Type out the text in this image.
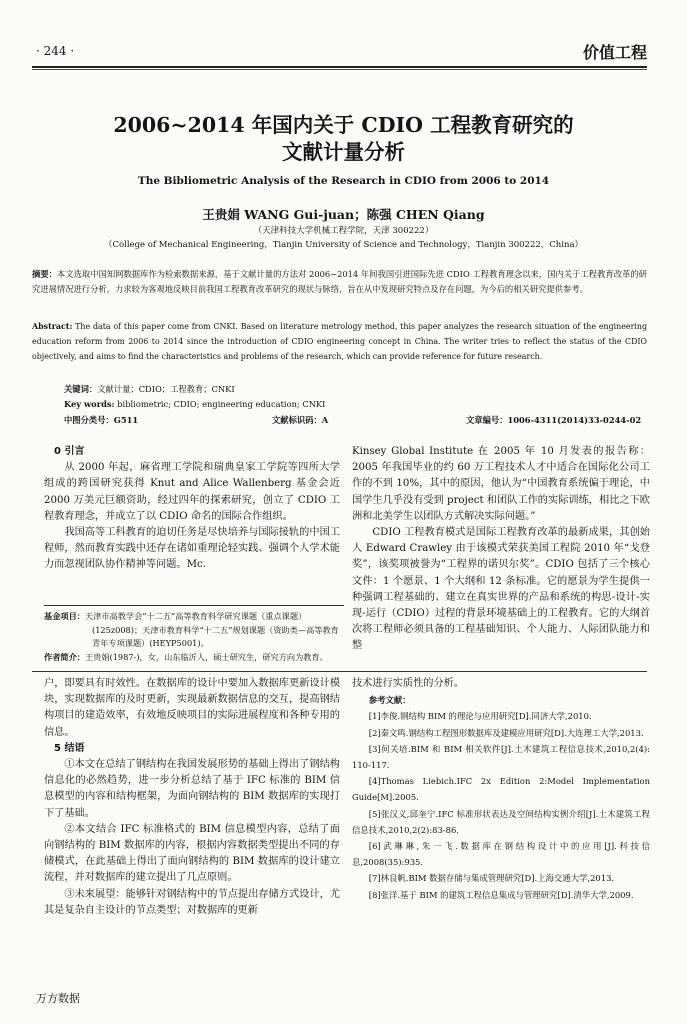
· 244 ·	价值工程
2006~2014 年国内关于 CDIO 工程教育研究的
文献计量分析
The Bibliometric Analysis of the Research in CDIO from 2006 to 2014
王贵娟 WANG Gui-juan；陈强 CHEN Qiang
（天津科技大学机械工程学院，天津 300222）
（College of Mechanical Engineering，Tianjin University of Science and Technology，Tianjin 300222，China）
摘要：本文选取中国知网数据库作为检索数据来源，基于文献计量的方法对 2006~2014 年间我国引进国际先进 CDIO 工程教育理念以来，国内关于工程教育改革的研究进展情况进行分析，力求较为客观地反映目前我国工程教育改革研究的现状与脉络，旨在从中发现研究特点及存在问题，为今后的相关研究提供参考。
Abstract: The data of this paper come from CNKI. Based on literature metrology method, this paper analyzes the research situation of the engineering education reform from 2006 to 2014 since the introduction of CDIO engineering concept in China. The writer tries to reflect the status of the CDIO objectively, and aims to find the characteristics and problems of the research, which can provide reference for future research.
关键词：文献计量；CDIO；工程教育；CNKI
Key words: bibliometric; CDIO; engineering education; CNKI
中图分类号：G511	文献标识码：A	文章编号：1006-4311(2014)33-0244-02

0 引言

从 2000 年起，麻省理工学院和瑞典皇家工学院等四所大学组成的跨国研究获得 Knut and Alice Wallenberg 基金会近 2000 万美元巨额资助，经过四年的探索研究，创立了 CDIO 工程教育理念，并成立了以 CDIO 命名的国际合作组织。

我国高等工科教育的迫切任务是尽快培养与国际接轨的中国工程师，然而教育实践中还存在诸如重理论轻实践、强调个人学术能力而忽视团队协作精神等问题。Mc.

基金项目：天津市高教学会“十二五”高等教育科学研究课题（重点课题）(125z008)；天津市教育科学“十二五”规划课题（资助类—高等教育青年专项课题）(HEYP5001)。

作者简介：王贵娟(1987-)，女，山东临沂人，硕士研究生，研究方向为教育。

Kinsey Global Institute 在 2005 年 10 月发表的报告称：2005 年我国毕业的约 60 万工程技术人才中适合在国际化公司工作的不到 10%，其中的原因，他认为“中国教育系统偏于理论，中国学生几乎没有受到 project 和团队工作的实际训练，相比之下欧洲和北美学生以团队方式解决实际问题。”

CDIO 工程教育模式是国际工程教育改革的最新成果，其创始人 Edward Crawley 由于该模式荣获美国工程院 2010 年“戈登奖”，该奖项被誉为“工程界的诺贝尔奖”。CDIO 包括了三个核心文件：1 个愿景、1 个大纲和 12 条标准。它的愿景为学生提供一种强调工程基础的、建立在真实世界的产品和系统的构思-设计-实现-运行（CDIO）过程的背景环境基础上的工程教育。它的大纲首次将工程师必须具备的工程基础知识、个人能力、人际团队能力和整

户，即要具有时效性。在数据库的设计中要加入数据库更新设计模块，实现数据库的及时更新，实现最新数据信息的交互，提高钢结构项目的建造效率，有效地反映项目的实际进展程度和各种专用的信息。

5 结语

①本文在总结了钢结构在我国发展形势的基础上得出了钢结构信息化的必然趋势，进一步分析总结了基于 IFC 标准的 BIM 信息模型的内容和结构框架，为面向钢结构的 BIM 数据库的实现打下了基础。

②本文结合 IFC 标准格式的 BIM 信息模型内容，总结了面向钢结构的 BIM 数据库的内容，根据内容数据类型提出不同的存储模式，在此基础上得出了面向钢结构的 BIM 数据库的设计建立流程，并对数据库的建立提出了几点原则。

③未来展望：能够针对钢结构中的节点提出存储方式设计，尤其是复杂自主设计的节点类型；对数据库的更新

技术进行实质性的分析。

参考文献：

[1]李俊.钢结构 BIM 的理论与应用研究[D].同济大学,2010.

[2]秦文鸣.钢结构工程图形数据库及建模应用研究[D].大连理工大学,2013.

[3]何关培.BIM 和 BIM 相关软件[J].土木建筑工程信息技术,2010,2(4): 110-117.

[4]Thomas Liebich.IFC 2x Edition 2:Model Implementation Guide[M].2005.

[5]张汉义,邱奎宁.IFC 标准形状表达及空间结构实例介绍[J].土木建筑工程信息技术,2010,2(2):83-86.

[6]武琳琳,朱一飞.数据库在钢结构设计中的应用[J].科技信息,2008(35):935.

[7]林良帆.BIM 数据存储与集成管理研究[D].上海交通大学,2013.

[8]张洋.基于 BIM 的建筑工程信息集成与管理研究[D].清华大学,2009.

万方数据
